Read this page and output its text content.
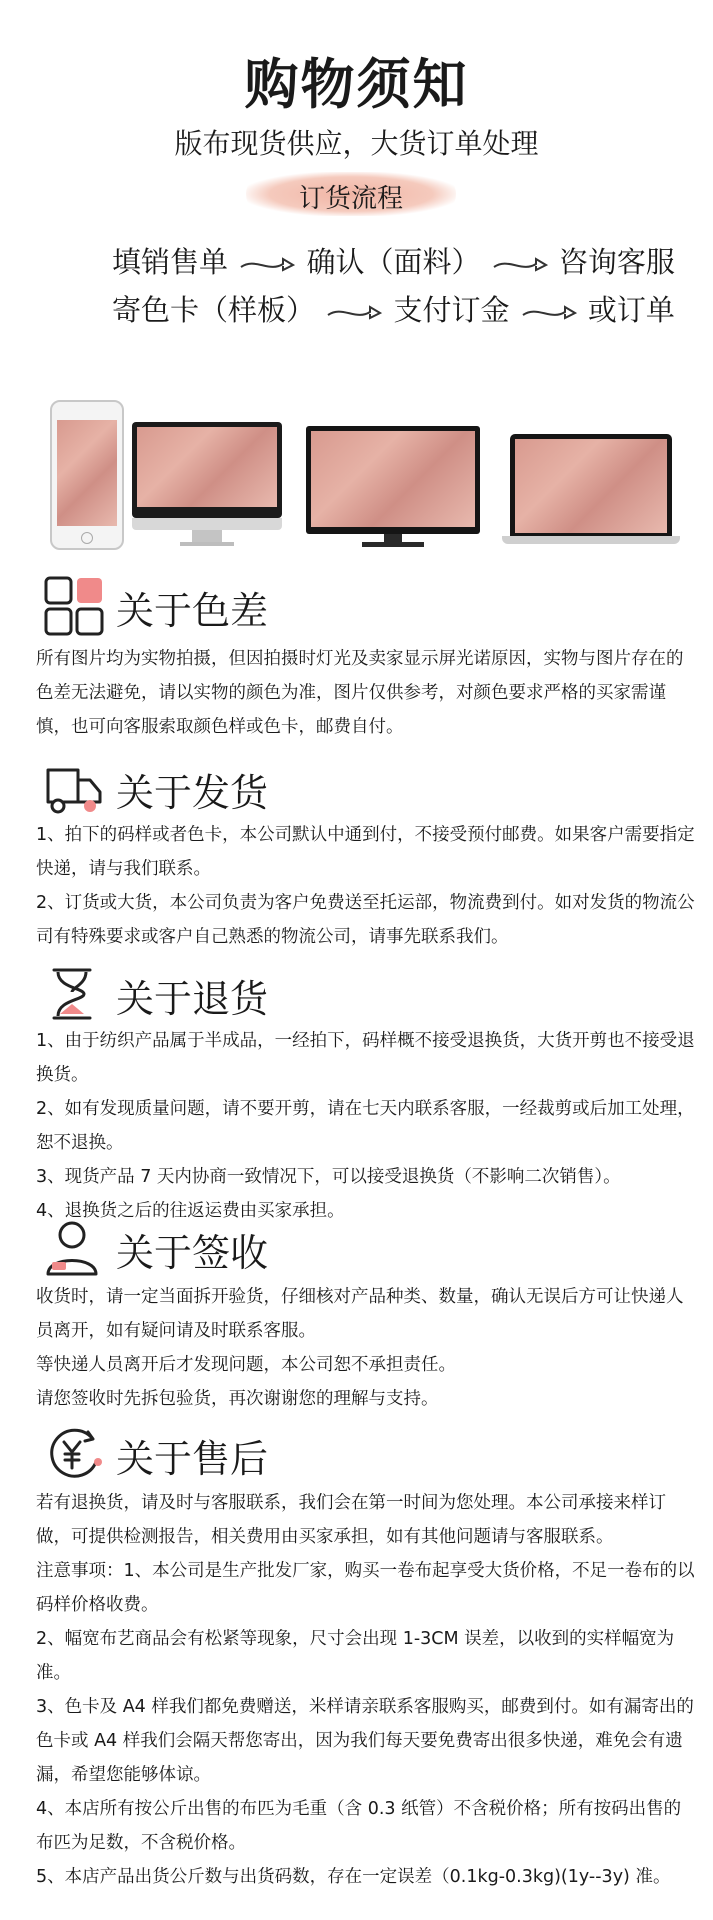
购物须知
版布现货供应，大货订单处理
订货流程
填销售单	确认（面料）	咨询客服
寄色卡（样板）	支付订金	或订单
关于色差

所有图片均为实物拍摄，但因拍摄时灯光及卖家显示屏光诺原因，实物与图片存在的色差无法避免，请以实物的颜色为准，图片仅供参考，对颜色要求严格的买家需谨慎，也可向客服索取颜色样或色卡，邮费自付。

关于发货

1、拍下的码样或者色卡，本公司默认中通到付，不接受预付邮费。如果客户需要指定快递，请与我们联系。

2、订货或大货，本公司负责为客户免费送至托运部，物流费到付。如对发货的物流公司有特殊要求或客户自己熟悉的物流公司，请事先联系我们。

关于退货

1、由于纺织产品属于半成品，一经拍下，码样概不接受退换货，大货开剪也不接受退换货。

2、如有发现质量问题，请不要开剪，请在七天内联系客服，一经裁剪或后加工处理，恕不退换。

3、现货产品 7 天内协商一致情况下，可以接受退换货（不影响二次销售）。

4、退换货之后的往返运费由买家承担。

关于签收

收货时，请一定当面拆开验货，仔细核对产品种类、数量，确认无误后方可让快递人员离开，如有疑问请及时联系客服。

等快递人员离开后才发现问题，本公司恕不承担责任。

请您签收时先拆包验货，再次谢谢您的理解与支持。

关于售后

若有退换货，请及时与客服联系，我们会在第一时间为您处理。本公司承接来样订做，可提供检测报告，相关费用由买家承担，如有其他问题请与客服联系。

注意事项：1、本公司是生产批发厂家，购买一卷布起享受大货价格，不足一卷布的以码样价格收费。

2、幅宽布艺商品会有松紧等现象，尺寸会出现 1-3CM 误差，以收到的实样幅宽为准。

3、色卡及 A4 样我们都免费赠送，米样请亲联系客服购买，邮费到付。如有漏寄出的色卡或 A4 样我们会隔天帮您寄出，因为我们每天要免费寄出很多快递，难免会有遗漏，希望您能够体谅。

4、本店所有按公斤出售的布匹为毛重（含 0.3 纸管）不含税价格；所有按码出售的布匹为足数，不含税价格。

5、本店产品出货公斤数与出货码数，存在一定误差（0.1kg-0.3kg)(1y--3y) 准。
